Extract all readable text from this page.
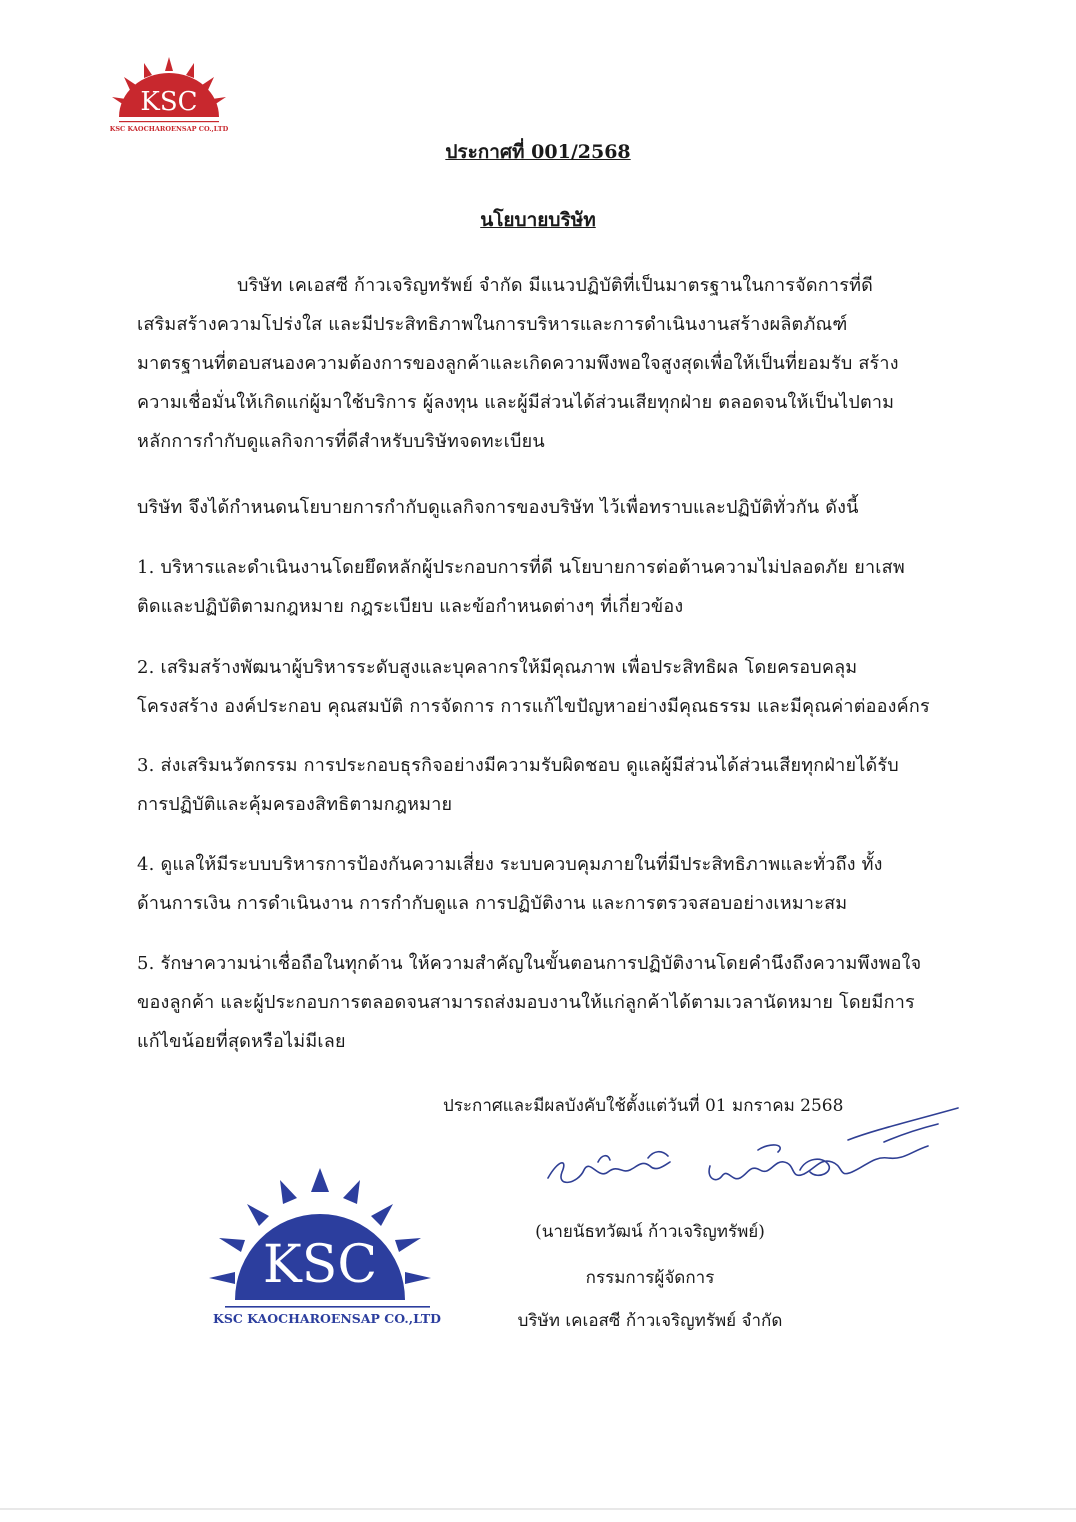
KSC
KSC KAOCHAROENSAP CO.,LTD
ประกาศที่ 001/2568
นโยบายบริษัท
บริษัท เคเอสซี ก้าวเจริญทรัพย์ จำกัด มีแนวปฏิบัติที่เป็นมาตรฐานในการจัดการที่ดี
เสริมสร้างความโปร่งใส และมีประสิทธิภาพในการบริหารและการดำเนินงานสร้างผลิตภัณฑ์
มาตรฐานที่ตอบสนองความต้องการของลูกค้าและเกิดความพึงพอใจสูงสุดเพื่อให้เป็นที่ยอมรับ สร้าง
ความเชื่อมั่นให้เกิดแก่ผู้มาใช้บริการ ผู้ลงทุน และผู้มีส่วนได้ส่วนเสียทุกฝ่าย ตลอดจนให้เป็นไปตาม
หลักการกำกับดูแลกิจการที่ดีสำหรับบริษัทจดทะเบียน
บริษัท จึงได้กำหนดนโยบายการกำกับดูแลกิจการของบริษัท ไว้เพื่อทราบและปฏิบัติทั่วกัน ดังนี้
1. บริหารและดำเนินงานโดยยึดหลักผู้ประกอบการที่ดี นโยบายการต่อต้านความไม่ปลอดภัย ยาเสพ
ติดและปฏิบัติตามกฎหมาย กฎระเบียบ และข้อกำหนดต่างๆ ที่เกี่ยวข้อง
2. เสริมสร้างพัฒนาผู้บริหารระดับสูงและบุคลากรให้มีคุณภาพ เพื่อประสิทธิผล โดยครอบคลุม
โครงสร้าง องค์ประกอบ คุณสมบัติ การจัดการ การแก้ไขปัญหาอย่างมีคุณธรรม และมีคุณค่าต่อองค์กร
3. ส่งเสริมนวัตกรรม การประกอบธุรกิจอย่างมีความรับผิดชอบ ดูแลผู้มีส่วนได้ส่วนเสียทุกฝ่ายได้รับ
การปฏิบัติและคุ้มครองสิทธิตามกฎหมาย
4. ดูแลให้มีระบบบริหารการป้องกันความเสี่ยง ระบบควบคุมภายในที่มีประสิทธิภาพและทั่วถึง ทั้ง
ด้านการเงิน การดำเนินงาน การกำกับดูแล การปฏิบัติงาน และการตรวจสอบอย่างเหมาะสม
5. รักษาความน่าเชื่อถือในทุกด้าน ให้ความสำคัญในขั้นตอนการปฏิบัติงานโดยคำนึงถึงความพึงพอใจ
ของลูกค้า และผู้ประกอบการตลอดจนสามารถส่งมอบงานให้แก่ลูกค้าได้ตามเวลานัดหมาย โดยมีการ
แก้ไขน้อยที่สุดหรือไม่มีเลย
ประกาศและมีผลบังคับใช้ตั้งแต่วันที่ 01 มกราคม 2568
(นายนัธทวัฒน์ ก้าวเจริญทรัพย์)
กรรมการผู้จัดการ
บริษัท เคเอสซี ก้าวเจริญทรัพย์ จำกัด
KSC
KSC KAOCHAROENSAP CO.,LTD
